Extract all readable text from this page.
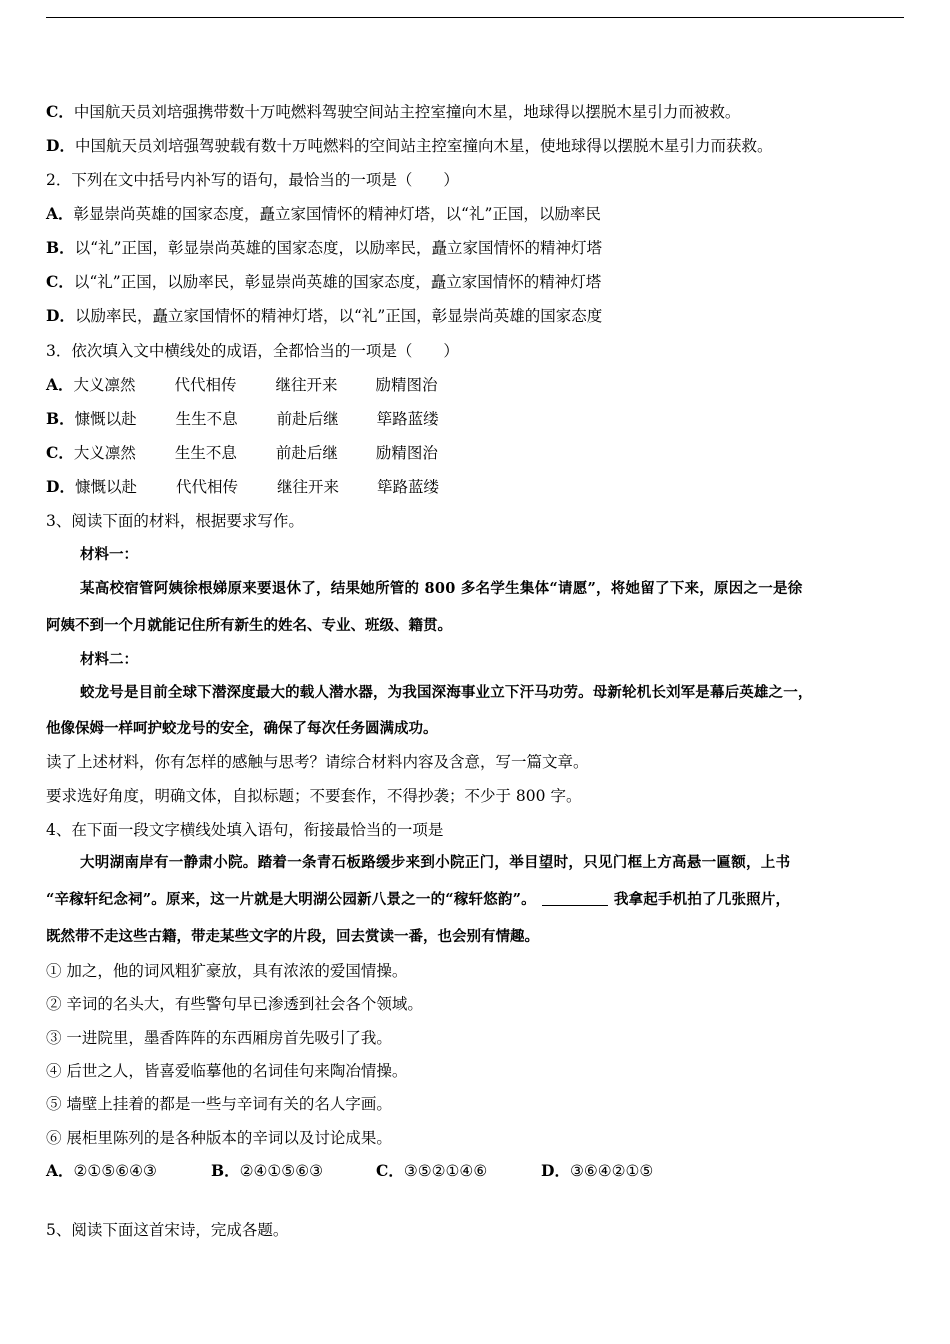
C．中国航天员刘培强携带数十万吨燃料驾驶空间站主控室撞向木星，地球得以摆脱木星引力而被救。
D．中国航天员刘培强驾驶载有数十万吨燃料的空间站主控室撞向木星，使地球得以摆脱木星引力而获救。
2．下列在文中括号内补写的语句，最恰当的一项是（　　）
A．彰显崇尚英雄的国家态度，矗立家国情怀的精神灯塔，以“礼”正国，以励率民
B．以“礼”正国，彰显崇尚英雄的国家态度，以励率民，矗立家国情怀的精神灯塔
C．以“礼”正国，以励率民，彰显崇尚英雄的国家态度，矗立家国情怀的精神灯塔
D．以励率民，矗立家国情怀的精神灯塔，以“礼”正国，彰显崇尚英雄的国家态度
3．依次填入文中横线处的成语，全都恰当的一项是（　　）
A．大义凛然	代代相传	继往开来 励精图治
B．慷慨以赴	生生不息	前赴后继 筚路蓝缕
C．大义凛然	生生不息	前赴后继 励精图治
D．慷慨以赴	代代相传	继往开来 筚路蓝缕
3、阅读下面的材料，根据要求写作。
材料一：
某高校宿管阿姨徐根娣原来要退休了，结果她所管的 800 多名学生集体“请愿”，将她留了下来，原因之一是徐
阿姨不到一个月就能记住所有新生的姓名、专业、班级、籍贯。
材料二：
蛟龙号是目前全球下潜深度最大的载人潜水器，为我国深海事业立下汗马功劳。母新轮机长刘军是幕后英雄之一，
他像保姆一样呵护蛟龙号的安全，确保了每次任务圆满成功。
读了上述材料，你有怎样的感触与思考？请综合材料内容及含意，写一篇文章。
要求选好角度，明确文体，自拟标题；不要套作，不得抄袭；不少于 800 字。
4、在下面一段文字横线处填入语句，衔接最恰当的一项是
大明湖南岸有一静肃小院。踏着一条青石板路缓步来到小院正门，举目望时，只见门框上方高悬一匾额，上书
“辛稼轩纪念祠”。原来，这一片就是大明湖公园新八景之一的“稼轩悠韵”。	我拿起手机拍了几张照片，
既然带不走这些古籍，带走某些文字的片段，回去赏读一番，也会别有情趣。
① 加之，他的词风粗犷豪放，具有浓浓的爱国情操。
② 辛词的名头大，有些警句早已渗透到社会各个领域。
③ 一进院里，墨香阵阵的东西厢房首先吸引了我。
④ 后世之人，皆喜爱临摹他的名词佳句来陶冶情操。
⑤ 墙壁上挂着的都是一些与辛词有关的名人字画。
⑥ 展柜里陈列的是各种版本的辛词以及讨论成果。
A．②①⑤⑥④③	B．②④①⑤⑥③	C．③⑤②①④⑥	D．③⑥④②①⑤
5、阅读下面这首宋诗，完成各题。
